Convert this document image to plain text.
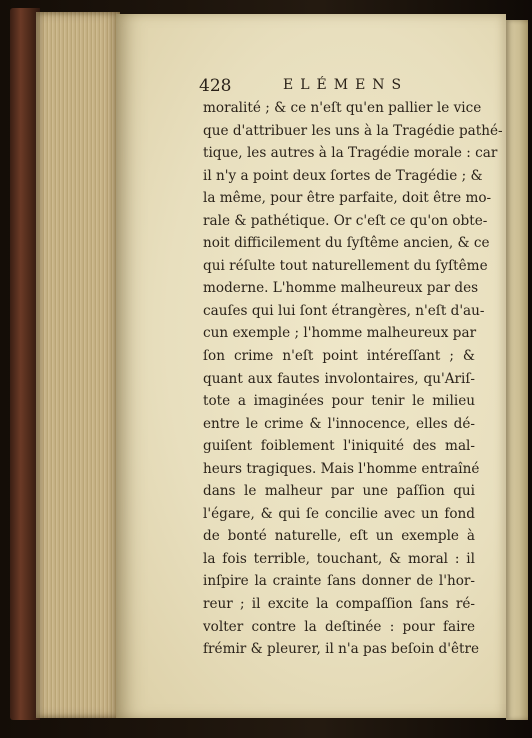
428	ELÉMENS
moralité ; & ce n'eſt qu'en pallier le vice
que d'attribuer les uns à la Tragédie pathé-
tique, les autres à la Tragédie morale : car
il n'y a point deux ſortes de Tragédie ; &
la même, pour être parfaite, doit être mo-
rale & pathétique. Or c'eſt ce qu'on obte-
noit difficilement du ſyſtême ancien, & ce
qui réſulte tout naturellement du ſyſtême
moderne. L'homme malheureux par des
cauſes qui lui ſont étrangères, n'eſt d'au-
cun exemple ; l'homme malheureux par
ſon crime n'eſt point intéreſſant ; &
quant aux fautes involontaires, qu'Ariſ-
tote a imaginées pour tenir le milieu
entre le crime & l'innocence, elles dé-
guiſent foiblement l'iniquité des mal-
heurs tragiques. Mais l'homme entraîné
dans le malheur par une paſſion qui
l'égare, & qui ſe concilie avec un fond
de bonté naturelle, eſt un exemple à
la fois terrible, touchant, & moral : il
inſpire la crainte ſans donner de l'hor-
reur ; il excite la compaſſion ſans ré-
volter contre la deſtinée : pour faire
frémir & pleurer, il n'a pas beſoin d'être
